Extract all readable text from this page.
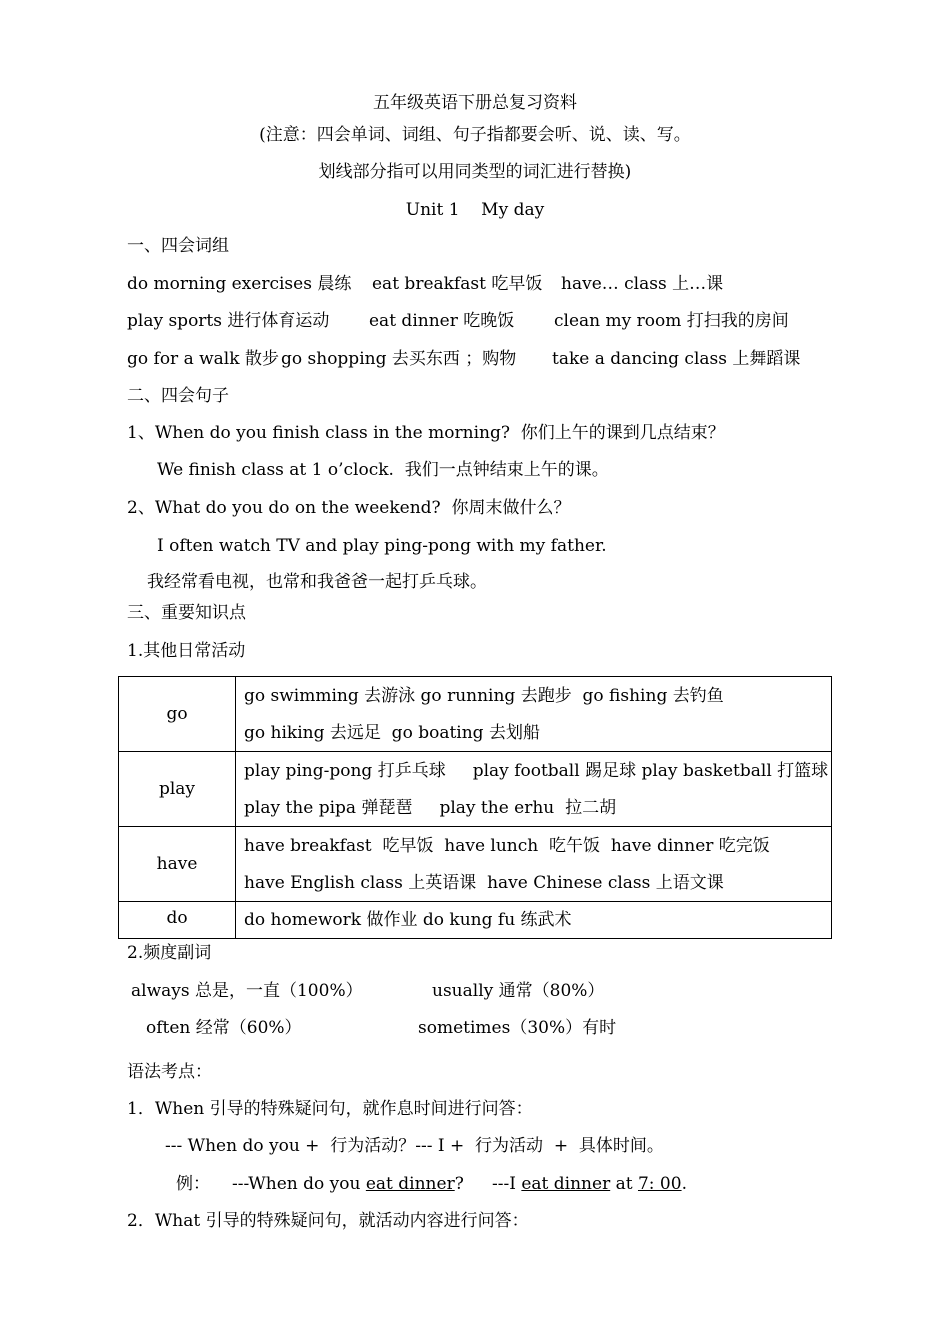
五年级英语下册总复习资料
(注意：四会单词、词组、句子指都要会听、说、读、写。
划线部分指可以用同类型的词汇进行替换)
Unit 1    My day
一、四会词组
do morning exercises 晨练 eat breakfast 吃早饭 have… class 上…课
play sports 进行体育运动 eat dinner 吃晚饭 clean my room 打扫我的房间
go for a walk 散步 go shopping 去买东西 ；购物 take a dancing class 上舞蹈课
二、四会句子
1、When do you finish class in the morning?  你们上午的课到几点结束？
We finish class at 1 o’clock.  我们一点钟结束上午的课。
2、What do you do on the weekend?  你周末做什么？
I often watch TV and play ping-pong with my father.
我经常看电视，也常和我爸爸一起打乒乓球。
三、重要知识点
1.其他日常活动
go	go swimming 去游泳 go running 去跑步  go fishing 去钓鱼
go hiking 去远足  go boating 去划船

play	play ping-pong 打乒乓球     play football 踢足球 play basketball 打篮球
play the pipa 弹琵琶     play the erhu  拉二胡

have	have breakfast  吃早饭  have lunch  吃午饭  have dinner 吃完饭
have English class 上英语课  have Chinese class 上语文课

do	do homework 做作业 do kung fu 练武术
2.频度副词
always 总是，一直（100%）	usually 通常（80%）
often 经常（60%）	sometimes（30%）有时
语法考点：
1．When 引导的特殊疑问句，就作息时间进行问答：
--- When do you +  行为活动？--- I +  行为活动  +  具体时间。
例： ---When do you eat dinner? ---I eat dinner at 7: 00.
2．What 引导的特殊疑问句，就活动内容进行问答：
